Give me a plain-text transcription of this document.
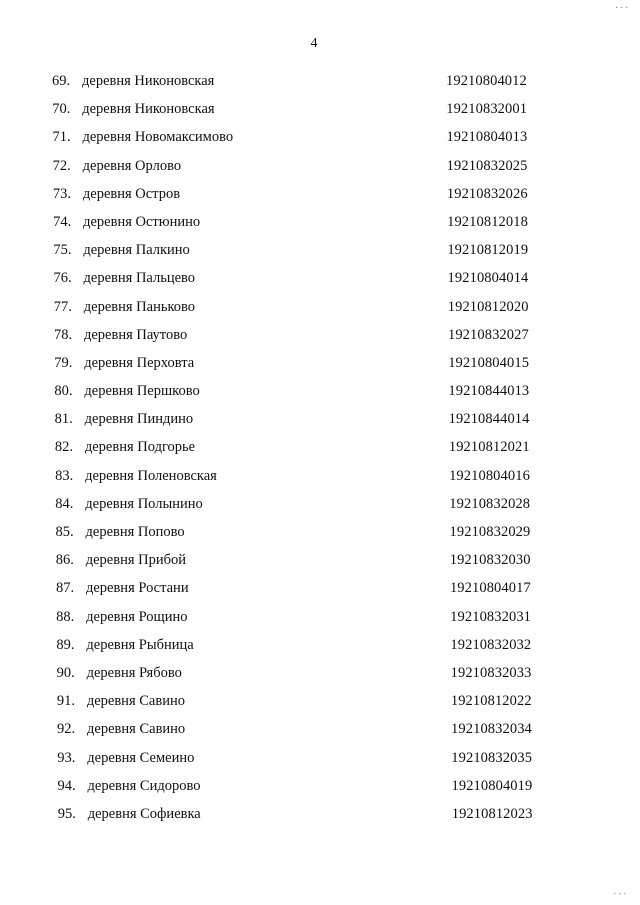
. . .
4
69. деревня Никоновская	19210804012
70. деревня Никоновская	19210832001
71. деревня Новомаксимово	19210804013
72. деревня Орлово	19210832025
73. деревня Остров	19210832026
74. деревня Остюнино	19210812018
75. деревня Палкино	19210812019
76. деревня Пальцево	19210804014
77. деревня Паньково	19210812020
78. деревня Паутово	19210832027
79. деревня Перховта	19210804015
80. деревня Першково	19210844013
81. деревня Пиндино	19210844014
82. деревня Подгорье	19210812021
83. деревня Поленовская	19210804016
84. деревня Полынино	19210832028
85. деревня Попово	19210832029
86. деревня Прибой	19210832030
87. деревня Ростани	19210804017
88. деревня Рощино	19210832031
89. деревня Рыбница	19210832032
90. деревня Рябово	19210832033
91. деревня Савино	19210812022
92. деревня Савино	19210832034
93. деревня Семеино	19210832035
94. деревня Сидорово	19210804019
95. деревня Софиевка	19210812023
. . .
